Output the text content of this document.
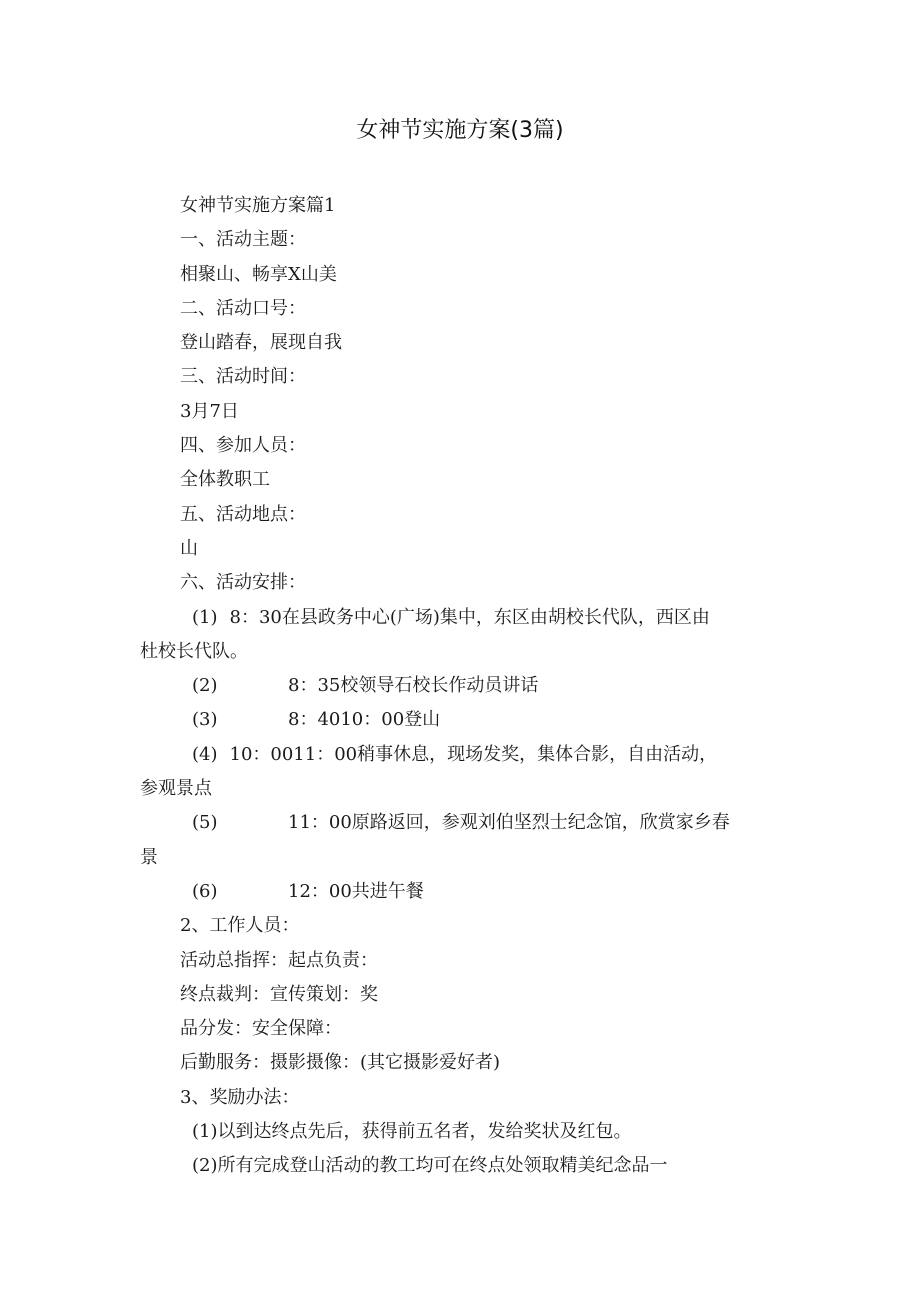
女神节实施方案(3篇)
女神节实施方案篇1
一、活动主题：
相聚山、畅享X山美
二、活动口号：
登山踏春，展现自我
三、活动时间：
3月7日
四、参加人员：
全体教职工
五、活动地点：
山
六、活动安排：
(1) 8：30在县政务中心(广场)集中，东区由胡校长代队，西区由
杜校长代队。
(2)	8：35校领导石校长作动员讲话
(3)	8：4010：00登山
(4) 10：0011：00稍事休息，现场发奖，集体合影，自由活动，
参观景点
(5)	11：00原路返回，参观刘伯坚烈士纪念馆，欣赏家乡春
景
(6)	12：00共进午餐
2、工作人员：
活动总指挥：起点负责：
终点裁判：宣传策划：奖
品分发：安全保障：
后勤服务：摄影摄像：(其它摄影爱好者)
3、奖励办法：
(1)以到达终点先后，获得前五名者，发给奖状及红包。
(2)所有完成登山活动的教工均可在终点处领取精美纪念品一
